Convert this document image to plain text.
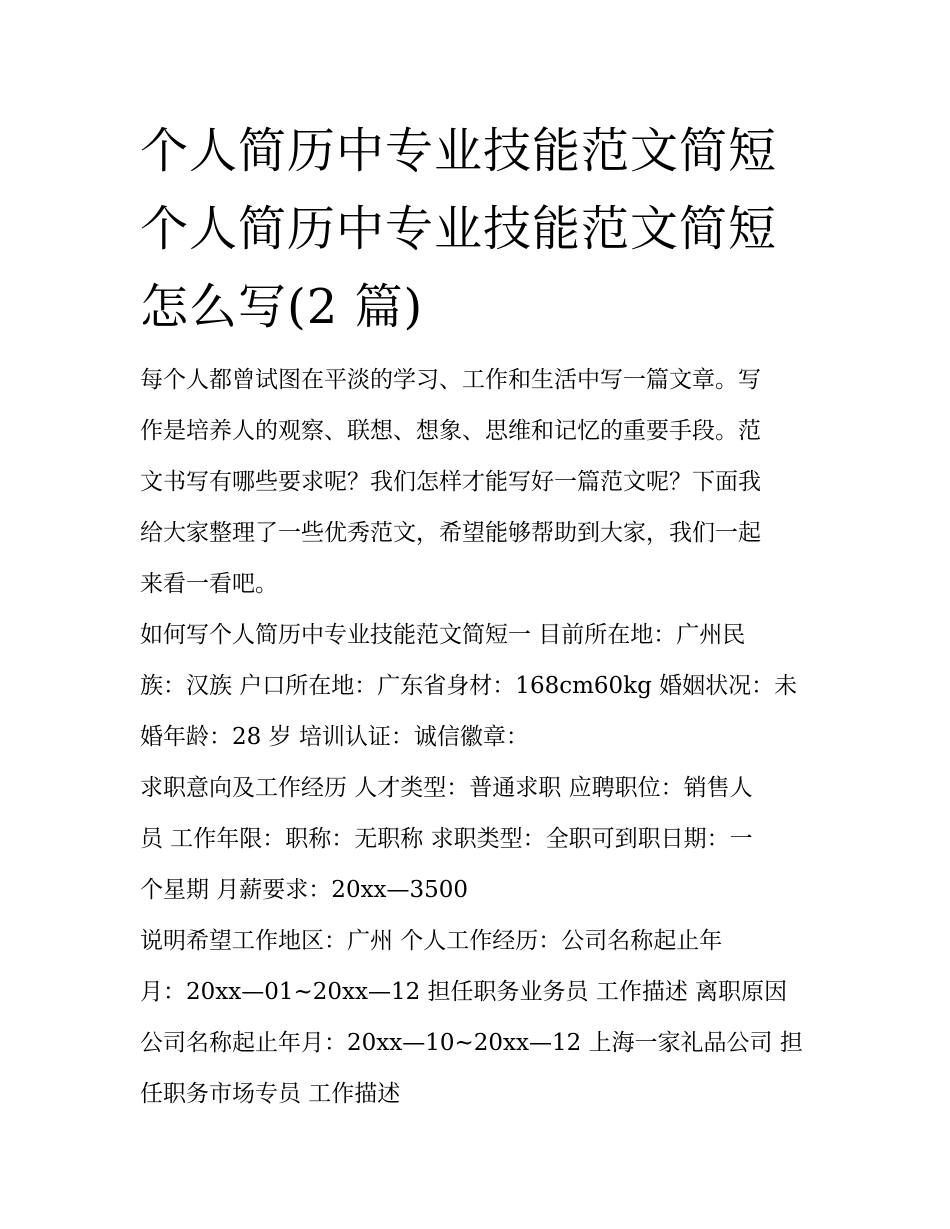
个人简历中专业技能范文简短
个人简历中专业技能范文简短
怎么写(2 篇)
每个人都曾试图在平淡的学习、工作和生活中写一篇文章。写
作是培养人的观察、联想、想象、思维和记忆的重要手段。范
文书写有哪些要求呢？我们怎样才能写好一篇范文呢？下面我
给大家整理了一些优秀范文，希望能够帮助到大家，我们一起
来看一看吧。
如何写个人简历中专业技能范文简短一 目前所在地：广州民
族：汉族 户口所在地：广东省身材：168cm60kg 婚姻状况：未
婚年龄：28 岁 培训认证：诚信徽章：
求职意向及工作经历 人才类型：普通求职 应聘职位：销售人
员 工作年限：职称：无职称 求职类型：全职可到职日期：一
个星期 月薪要求：20xx—3500
说明希望工作地区：广州 个人工作经历：公司名称起止年
月：20xx—01~20xx—12 担任职务业务员 工作描述 离职原因
公司名称起止年月：20xx—10~20xx—12 上海一家礼品公司 担
任职务市场专员 工作描述
